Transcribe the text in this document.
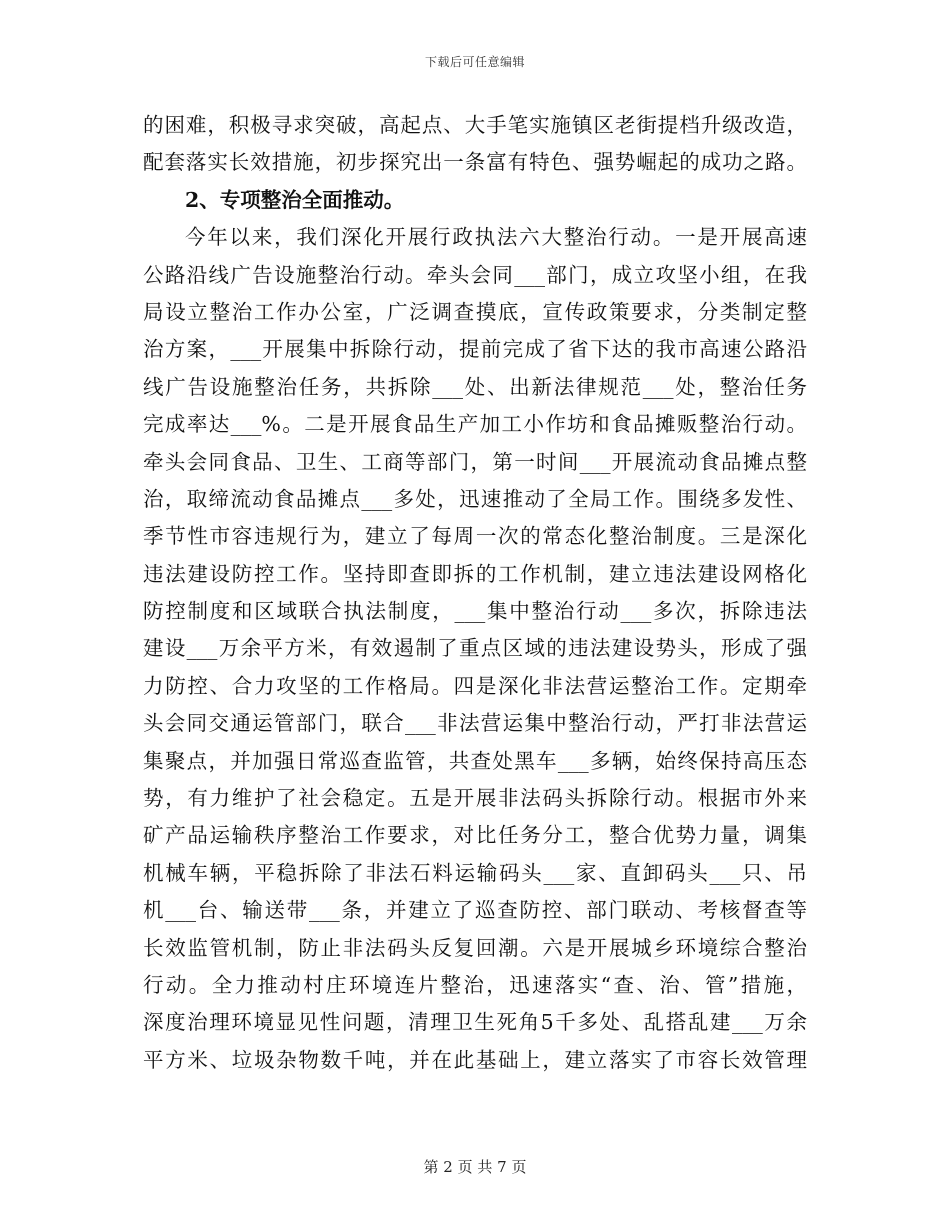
下载后可任意编辑
的困难，积极寻求突破，高起点、大手笔实施镇区老街提档升级改造，
配套落实长效措施，初步探究出一条富有特色、强势崛起的成功之路。
2、专项整治全面推动。
今年以来，我们深化开展行政执法六大整治行动。一是开展高速
公路沿线广告设施整治行动。牵头会同___部门，成立攻坚小组，在我
局设立整治工作办公室，广泛调查摸底，宣传政策要求，分类制定整
治方案，___开展集中拆除行动，提前完成了省下达的我市高速公路沿
线广告设施整治任务，共拆除___处、出新法律规范___处，整治任务
完成率达___%。二是开展食品生产加工小作坊和食品摊贩整治行动。
牵头会同食品、卫生、工商等部门，第一时间___开展流动食品摊点整
治，取缔流动食品摊点___多处，迅速推动了全局工作。围绕多发性、
季节性市容违规行为，建立了每周一次的常态化整治制度。三是深化
违法建设防控工作。坚持即查即拆的工作机制，建立违法建设网格化
防控制度和区域联合执法制度，___集中整治行动___多次，拆除违法
建设___万余平方米，有效遏制了重点区域的违法建设势头，形成了强
力防控、合力攻坚的工作格局。四是深化非法营运整治工作。定期牵
头会同交通运管部门，联合___非法营运集中整治行动，严打非法营运
集聚点，并加强日常巡查监管，共查处黑车___多辆，始终保持高压态
势，有力维护了社会稳定。五是开展非法码头拆除行动。根据市外来
矿产品运输秩序整治工作要求，对比任务分工，整合优势力量，调集
机械车辆，平稳拆除了非法石料运输码头___家、直卸码头___只、吊
机___台、输送带___条，并建立了巡查防控、部门联动、考核督查等
长效监管机制，防止非法码头反复回潮。六是开展城乡环境综合整治
行动。全力推动村庄环境连片整治，迅速落实“查、治、管”措施，
深度治理环境显见性问题，清理卫生死角5千多处、乱搭乱建___万余
平方米、垃圾杂物数千吨，并在此基础上，建立落实了市容长效管理
第 2 页 共 7 页
